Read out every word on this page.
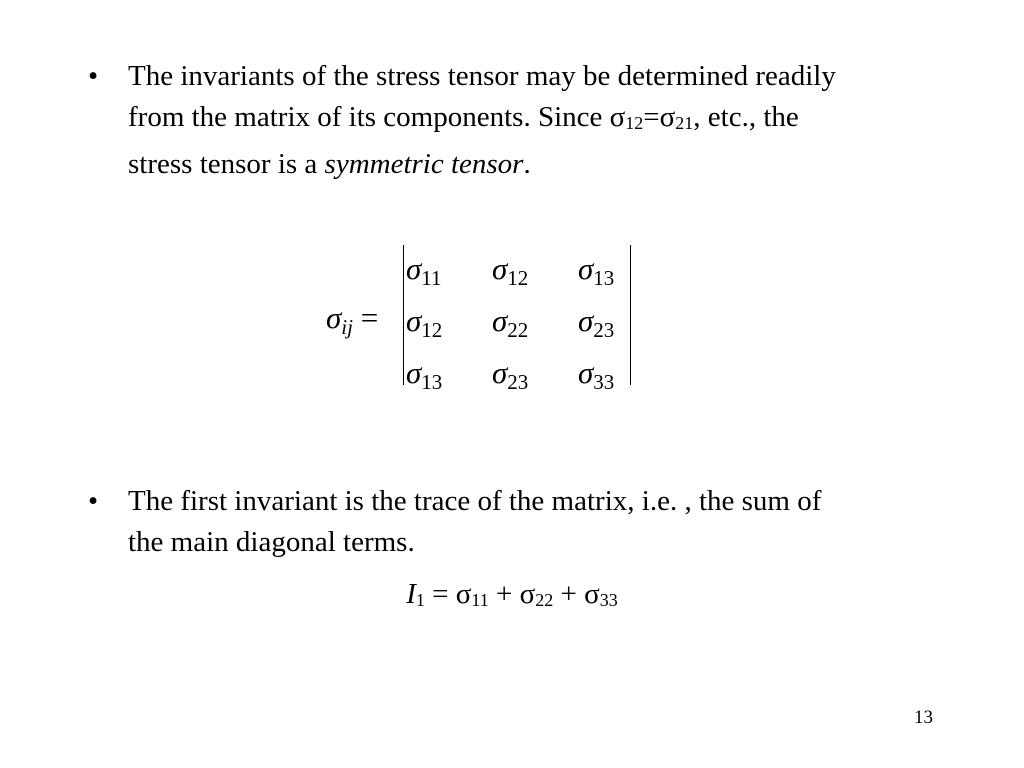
• The invariants of the stress tensor may be determined readily
from the matrix of its components. Since σ12=σ21, etc., the
stress tensor is a symmetric tensor.
σij =
$\sigma_{11}$ $\sigma_{12}$ $\sigma_{13}$
$\sigma_{12}$ $\sigma_{22}$ $\sigma_{23}$
$\sigma_{13}$ $\sigma_{23}$ $\sigma_{33}$
• The first invariant is the trace of the matrix, i.e. , the sum of
the main diagonal terms.
I1 = σ11 + σ22 + σ33
13
